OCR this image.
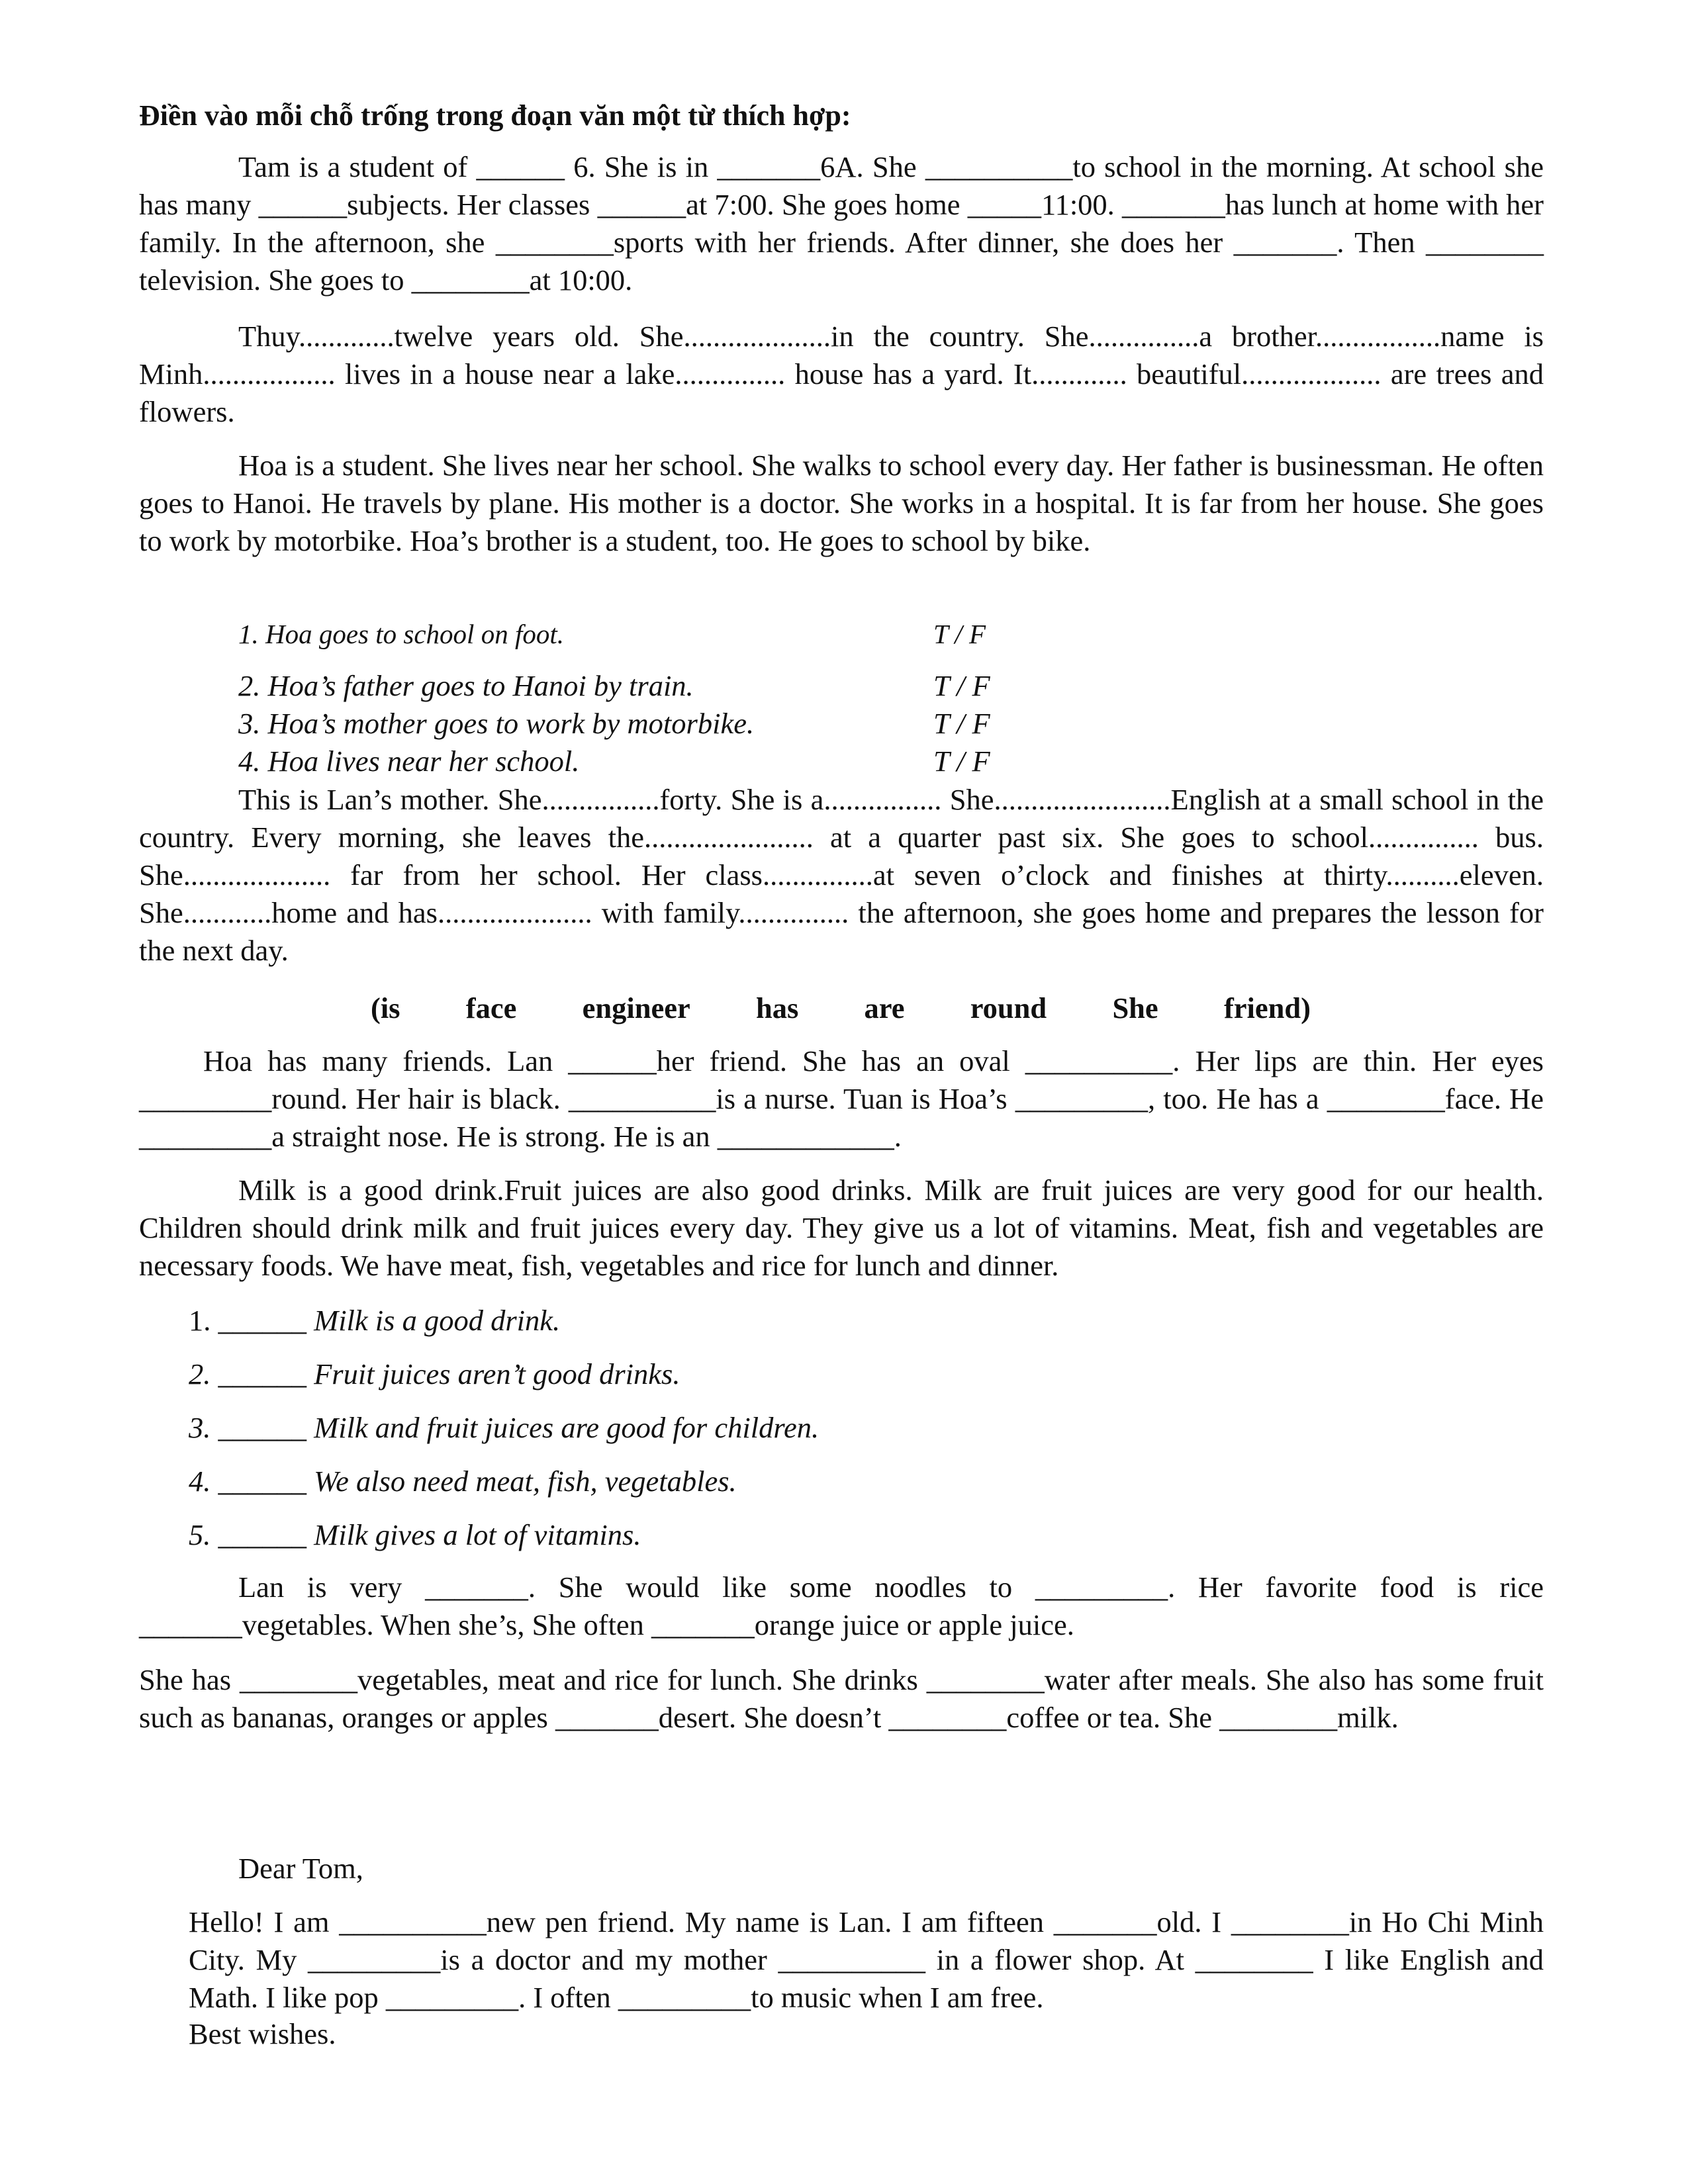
Điền vào mỗi chỗ trống trong đoạn văn một từ thích hợp:

Tam is a student of ______ 6. She is in _______6A. She __________to school in the morning. At school she has many ______subjects. Her classes ______at 7:00. She goes home _____11:00. _______has lunch at home with her family. In the afternoon, she ________sports with her friends. After dinner, she does her _______. Then ________ television. She goes to ________at 10:00.

Thuy.............twelve years old. She....................in the country. She...............a brother.................name is Minh.................. lives in a house near a lake............... house has a yard. It............. beautiful................... are trees and flowers.

Hoa is a student. She lives near her school. She walks to school every day. Her father is businessman. He often goes to Hanoi. He travels by plane. His mother is a doctor. She works in a hospital. It is far from her house. She goes to work by motorbike. Hoa’s brother is a student, too. He goes to school by bike.

1. Hoa goes to school on foot.	T / F
2. Hoa’s father goes to Hanoi by train.	T / F
3. Hoa’s mother goes to work by motorbike.	T / F
4. Hoa lives near her school.	T / F

This is Lan’s mother. She................forty. She is a................ She........................English at a small school in the country. Every morning, she leaves the....................... at a quarter past six. She goes to school............... bus. She.................... far from her school. Her class...............at seven o’clock and finishes at thirty..........eleven. She............home and has..................... with family............... the afternoon, she goes home and prepares the lesson for the next day.

(is face engineer has are round She friend)

Hoa has many friends. Lan ______her friend. She has an oval __________. Her lips are thin. Her eyes _________round. Her hair is black. __________is a nurse. Tuan is Hoa’s _________, too. He has a ________face. He _________a straight nose. He is strong. He is an ____________.

Milk is a good drink.Fruit juices are also good drinks. Milk are fruit juices are very good for our health. Children should drink milk and fruit juices every day. They give us a lot of vitamins. Meat, fish and vegetables are necessary foods. We have meat, fish, vegetables and rice for lunch and dinner.

1. ______ Milk is a good drink.
2. ______ Fruit juices aren’t good drinks.
3. ______ Milk and fruit juices are good for children.
4. ______ We also need meat, fish, vegetables.
5. ______ Milk gives a lot of vitamins.

Lan is very _______. She would like some noodles to _________. Her favorite food is rice _______vegetables. When she’s, She often _______orange juice or apple juice.

She has ________vegetables, meat and rice for lunch. She drinks ________water after meals. She also has some fruit such as bananas, oranges or apples _______desert. She doesn’t ________coffee or tea. She ________milk.

Dear Tom,

Hello! I am __________new pen friend. My name is Lan. I am fifteen _______old. I ________in Ho Chi Minh City. My _________is a doctor and my mother __________ in a flower shop. At ________ I like English and Math. I like pop _________. I often _________to music when I am free.

Best wishes.
